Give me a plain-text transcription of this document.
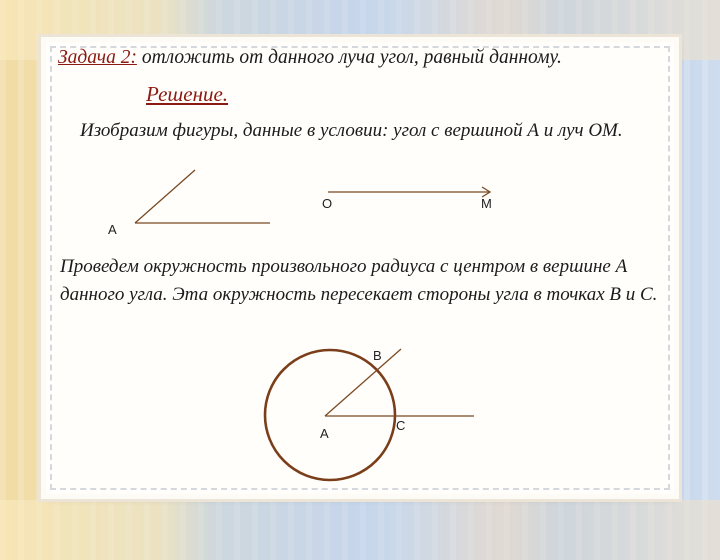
Задача 2: отложить от данного луча угол, равный данному.
Решение.
Изобразим фигуры, данные в условии: угол с вершиной А и луч ОМ.
Проведем окружность произвольного радиуса с центром в вершине А данного угла. Эта окружность пересекает стороны угла в точках В и С.
A
O	M
A
B
C
